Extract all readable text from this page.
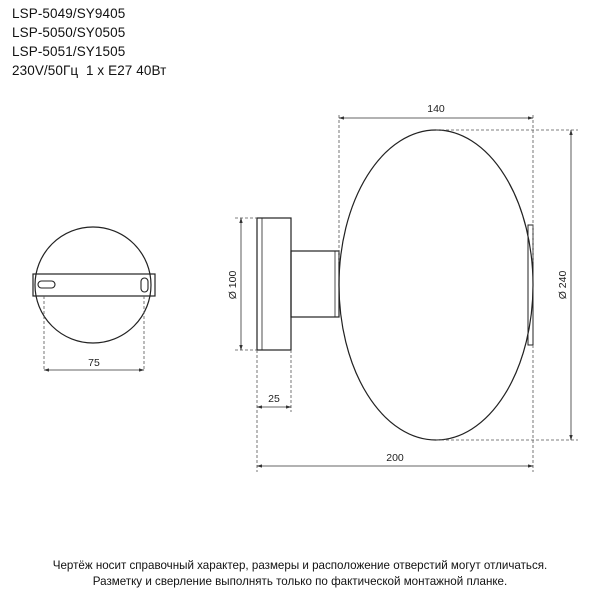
LSP-5049/SY9405
LSP-5050/SY0505
LSP-5051/SY1505
230V/50Гц  1 x E27 40Вт
75
Ø 100
140
Ø 240
25
200
Чертёж носит справочный характер, размеры и расположение отверстий могут отличаться.
Разметку и сверление выполнять только по фактической монтажной планке.
